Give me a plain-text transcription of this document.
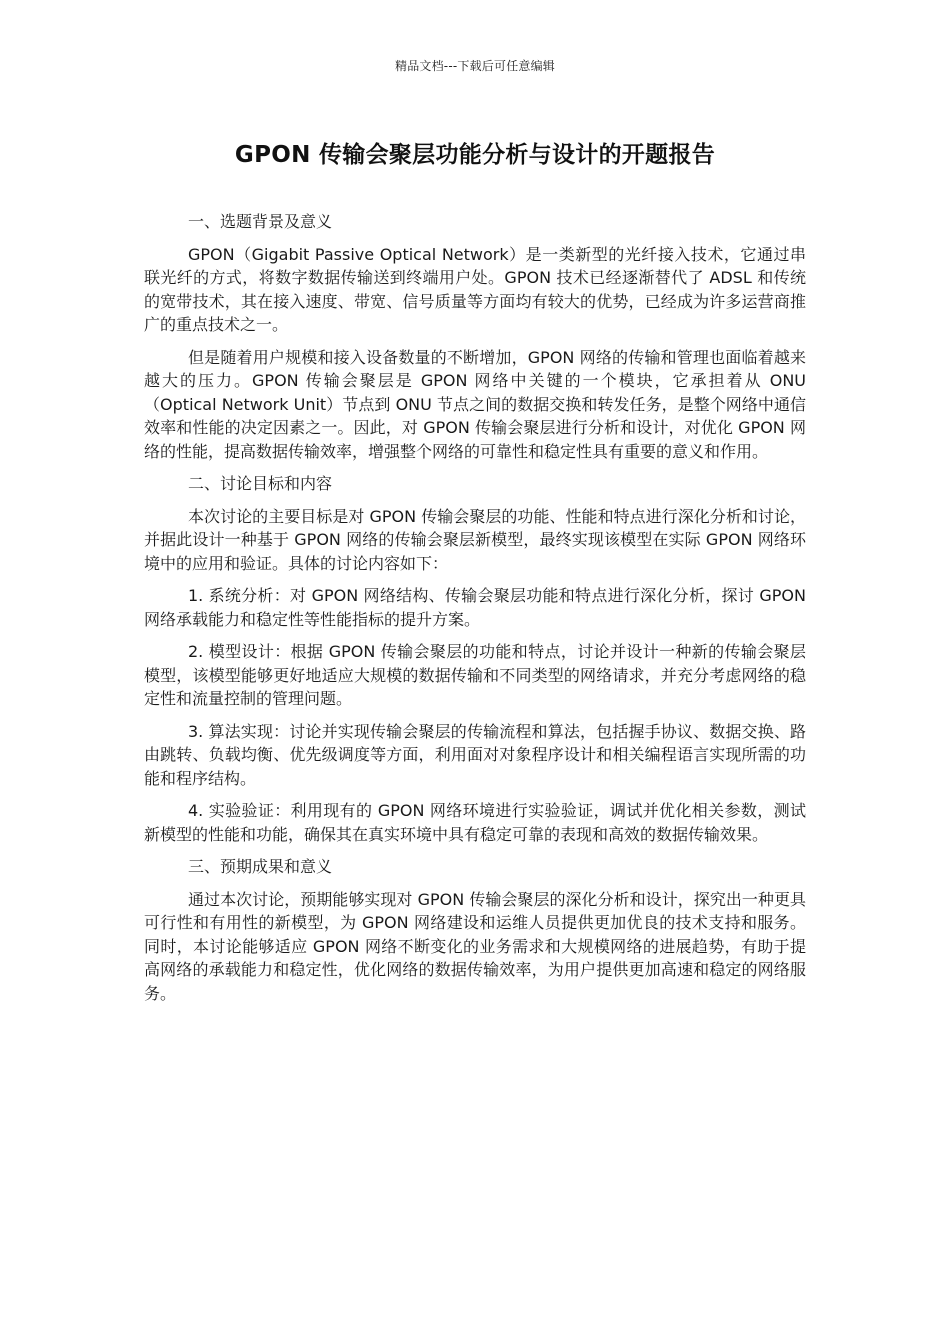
精品文档---下载后可任意编辑
GPON 传输会聚层功能分析与设计的开题报告

一、选题背景及意义

GPON（Gigabit Passive Optical Network）是一类新型的光纤接入技术，它通过串联光纤的方式，将数字数据传输送到终端用户处。GPON 技术已经逐渐替代了 ADSL 和传统的宽带技术，其在接入速度、带宽、信号质量等方面均有较大的优势，已经成为许多运营商推广的重点技术之一。

但是随着用户规模和接入设备数量的不断增加，GPON 网络的传输和管理也面临着越来越大的压力。GPON 传输会聚层是 GPON 网络中关键的一个模块，它承担着从 ONU（Optical Network Unit）节点到 ONU 节点之间的数据交换和转发任务，是整个网络中通信效率和性能的决定因素之一。因此，对 GPON 传输会聚层进行分析和设计，对优化 GPON 网络的性能，提高数据传输效率，增强整个网络的可靠性和稳定性具有重要的意义和作用。

二、讨论目标和内容

本次讨论的主要目标是对 GPON 传输会聚层的功能、性能和特点进行深化分析和讨论，并据此设计一种基于 GPON 网络的传输会聚层新模型，最终实现该模型在实际 GPON 网络环境中的应用和验证。具体的讨论内容如下：

1. 系统分析：对 GPON 网络结构、传输会聚层功能和特点进行深化分析，探讨 GPON 网络承载能力和稳定性等性能指标的提升方案。

2. 模型设计：根据 GPON 传输会聚层的功能和特点，讨论并设计一种新的传输会聚层模型，该模型能够更好地适应大规模的数据传输和不同类型的网络请求，并充分考虑网络的稳定性和流量控制的管理问题。

3. 算法实现：讨论并实现传输会聚层的传输流程和算法，包括握手协议、数据交换、路由跳转、负载均衡、优先级调度等方面，利用面对对象程序设计和相关编程语言实现所需的功能和程序结构。

4. 实验验证：利用现有的 GPON 网络环境进行实验验证，调试并优化相关参数，测试新模型的性能和功能，确保其在真实环境中具有稳定可靠的表现和高效的数据传输效果。

三、预期成果和意义

通过本次讨论，预期能够实现对 GPON 传输会聚层的深化分析和设计，探究出一种更具可行性和有用性的新模型，为 GPON 网络建设和运维人员提供更加优良的技术支持和服务。同时，本讨论能够适应 GPON 网络不断变化的业务需求和大规模网络的进展趋势，有助于提高网络的承载能力和稳定性，优化网络的数据传输效率，为用户提供更加高速和稳定的网络服务。
